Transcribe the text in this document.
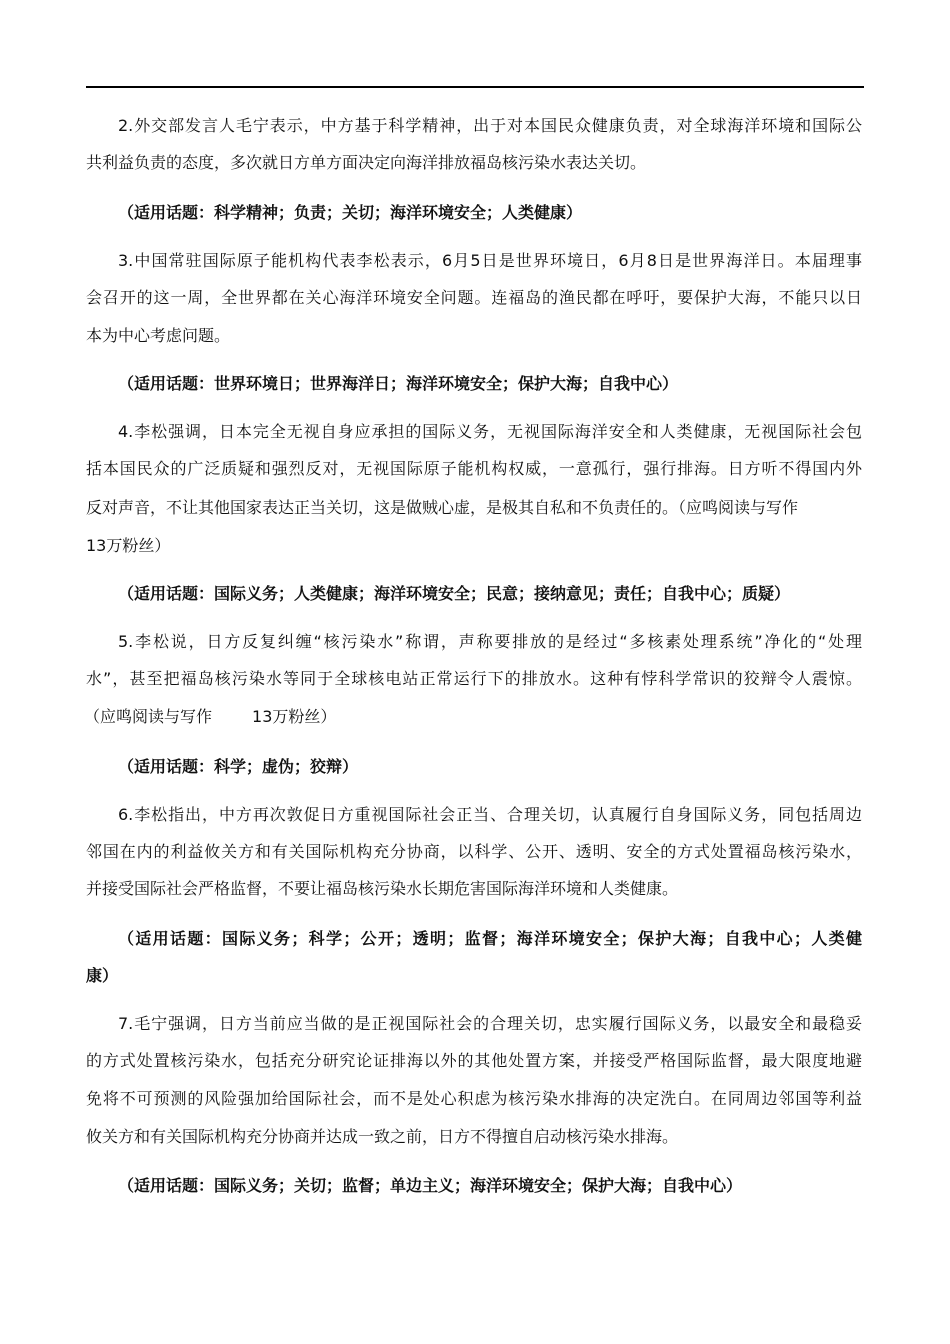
2.外交部发言人毛宁表示，中方基于科学精神，出于对本国民众健康负责，对全球海洋环境和国际公
共利益负责的态度，多次就日方单方面决定向海洋排放福岛核污染水表达关切。
（适用话题：科学精神；负责；关切；海洋环境安全；人类健康）
3.中国常驻国际原子能机构代表李松表示，6月5日是世界环境日，6月8日是世界海洋日。本届理事
会召开的这一周，全世界都在关心海洋环境安全问题。连福岛的渔民都在呼吁，要保护大海，不能只以日
本为中心考虑问题。
（适用话题：世界环境日；世界海洋日；海洋环境安全；保护大海；自我中心）
4.李松强调，日本完全无视自身应承担的国际义务，无视国际海洋安全和人类健康，无视国际社会包
括本国民众的广泛质疑和强烈反对，无视国际原子能机构权威，一意孤行，强行排海。日方听不得国内外
反对声音，不让其他国家表达正当关切，这是做贼心虚，是极其自私和不负责任的。（应鸣阅读与写作
13万粉丝）
（适用话题：国际义务；人类健康；海洋环境安全；民意；接纳意见；责任；自我中心；质疑）
5.李松说，日方反复纠缠“核污染水”称谓，声称要排放的是经过“多核素处理系统”净化的“处理
水”，甚至把福岛核污染水等同于全球核电站正常运行下的排放水。这种有悖科学常识的狡辩令人震惊。
（应鸣阅读与写作	13万粉丝）
（适用话题：科学；虚伪；狡辩）
6.李松指出，中方再次敦促日方重视国际社会正当、合理关切，认真履行自身国际义务，同包括周边
邻国在内的利益攸关方和有关国际机构充分协商，以科学、公开、透明、安全的方式处置福岛核污染水，
并接受国际社会严格监督，不要让福岛核污染水长期危害国际海洋环境和人类健康。
（适用话题：国际义务；科学；公开；透明；监督；海洋环境安全；保护大海；自我中心；人类健
康）
7.毛宁强调，日方当前应当做的是正视国际社会的合理关切，忠实履行国际义务，以最安全和最稳妥
的方式处置核污染水，包括充分研究论证排海以外的其他处置方案，并接受严格国际监督，最大限度地避
免将不可预测的风险强加给国际社会，而不是处心积虑为核污染水排海的决定洗白。在同周边邻国等利益
攸关方和有关国际机构充分协商并达成一致之前，日方不得擅自启动核污染水排海。
（适用话题：国际义务；关切；监督；单边主义；海洋环境安全；保护大海；自我中心）
